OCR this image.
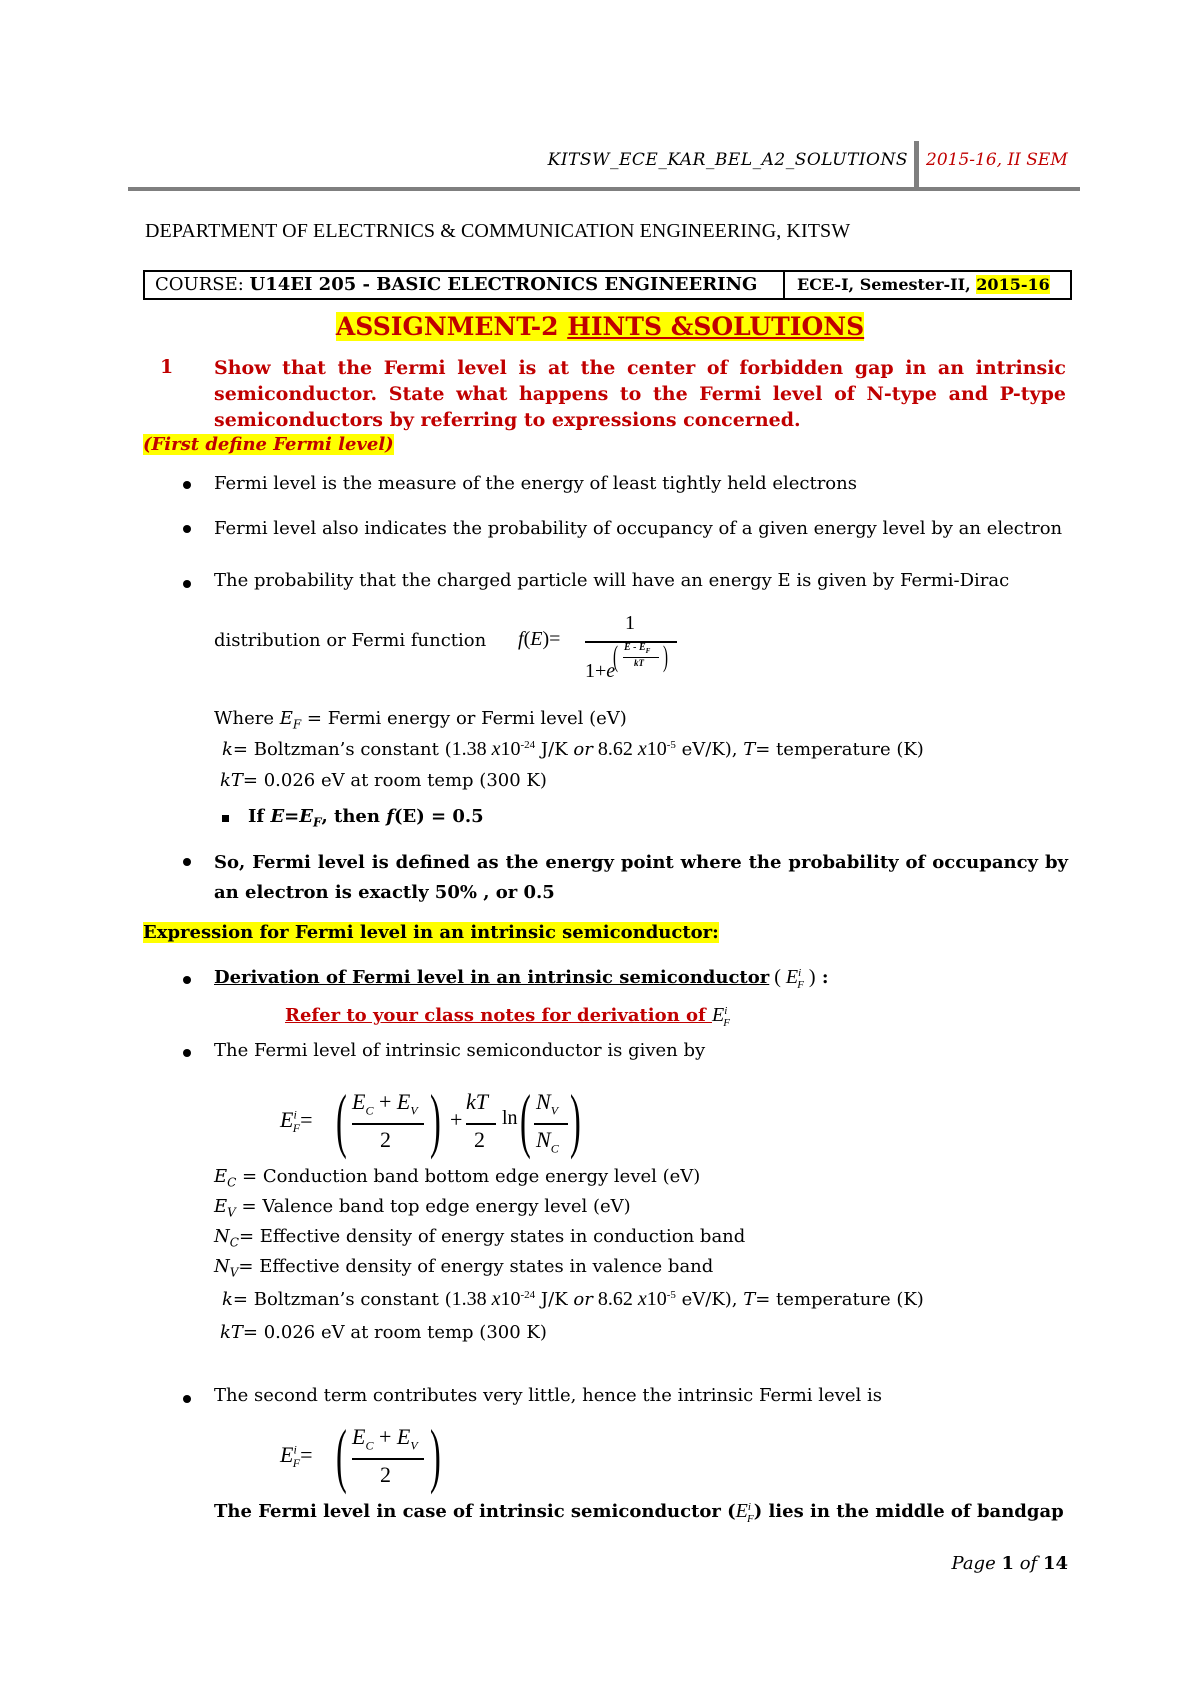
KITSW_ECE_KAR_BEL_A2_SOLUTIONS 2015-16, II SEM
DEPARTMENT OF ELECTRNICS & COMMUNICATION ENGINEERING, KITSW
COURSE: U14EI 205 - BASIC ELECTRONICS ENGINEERING	ECE-I, Semester-II, 2015-16
ASSIGNMENT-2 HINTS &SOLUTIONS
1 Show that the Fermi level is at the center of forbidden gap in an intrinsic semiconductor. State what happens to the Fermi level of N-type and P-type semiconductors by referring to expressions concerned.
(First define Fermi level)
Fermi level is the measure of the energy of least tightly held electrons
Fermi level also indicates the probability of occupancy of a given energy level by an electron
The probability that the charged particle will have an energy E is given by Fermi-Dirac
distribution or Fermi function f(E)=
1
1+e
( )
E - $E_F$
kT
Where $E_F$ = Fermi energy or Fermi level (eV)
k= Boltzman’s constant (1.38 $x10^{-24}$ J/K or 8.62 $x10^{-5}$ eV/K), T= temperature (K)
kT= 0.026 eV at room temp (300 K)
If $E=E_F$, then f(E) = 0.5
So, Fermi level is defined as the energy point where the probability of occupancy by an electron is exactly 50% , or 0.5
Expression for Fermi level in an intrinsic semiconductor:
Derivation of Fermi level in an intrinsic semiconductor ( $E^i_F$ ) :
Refer to your class notes for derivation of $E^i_F$
The Fermi level of intrinsic semiconductor is given by
$E^i_F=$ ( $E_C + E_V$
2 ) +
kT
2
ln ( $N_V$
$N_C$ )
$E_C$ = Conduction band bottom edge energy level (eV)
$E_V$ = Valence band top edge energy level (eV)
$N_C=$ Effective density of energy states in conduction band
$N_V=$ Effective density of energy states in valence band
k= Boltzman’s constant (1.38 $x10^{-24}$ J/K or 8.62 $x10^{-5}$ eV/K), T= temperature (K)
kT= 0.026 eV at room temp (300 K)
The second term contributes very little, hence the intrinsic Fermi level is
$E^i_F=$ ( $E_C + E_V$
2 )
The Fermi level in case of intrinsic semiconductor $(E^i_F)$ lies in the middle of bandgap
Page 1 of 14
